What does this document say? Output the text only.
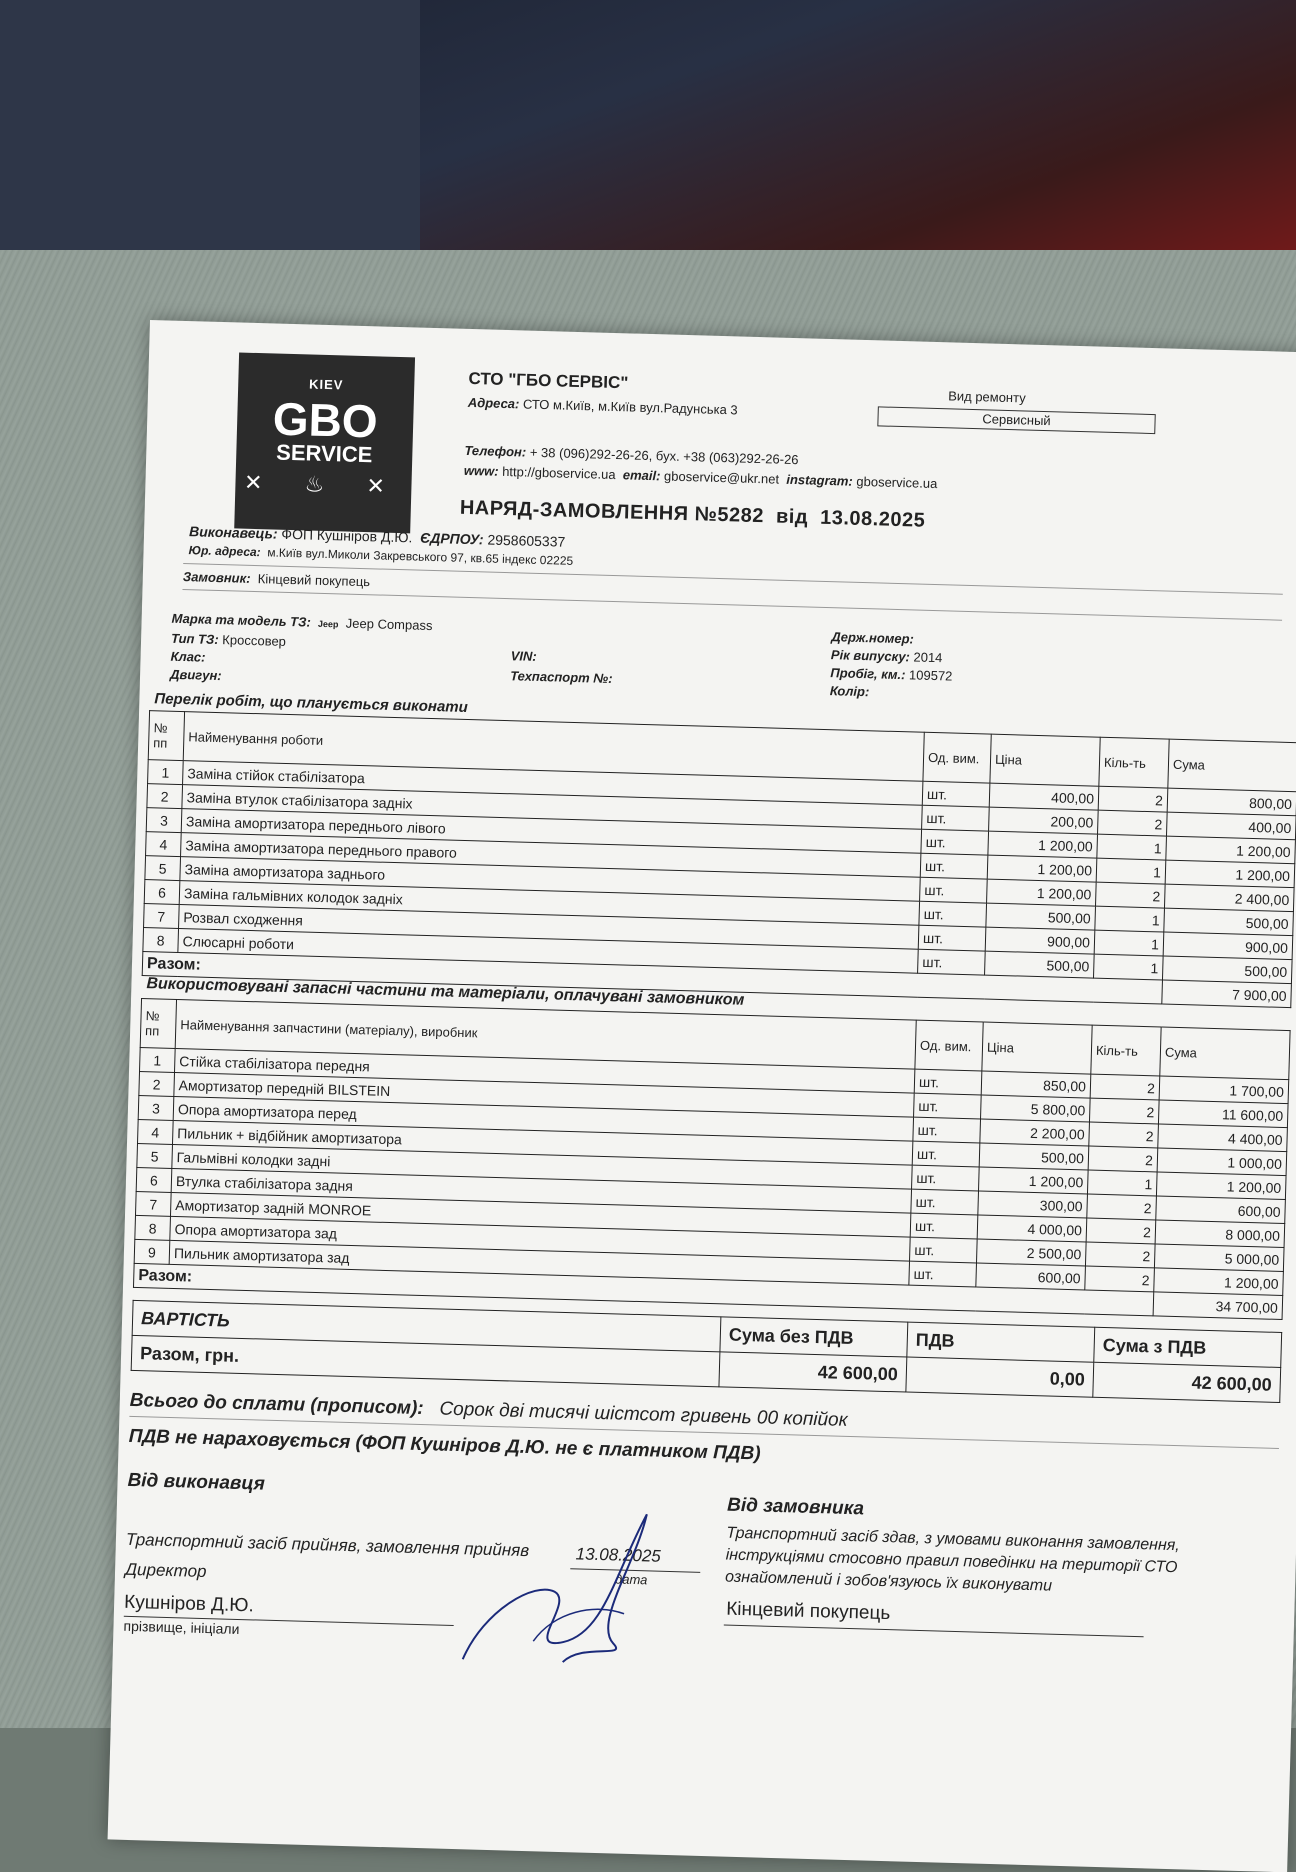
KIEV
GBO
SERVICE
✕ ♨ ✕
СТО "ГБО СЕРВІС"
Адреса: СТО м.Київ, м.Київ вул.Радунська 3	Вид ремонту
Сервисный
Телефон: + 38 (096)292-26-26, бух. +38 (063)292-26-26
www: http://gboservice.ua email: gboservice@ukr.net instagram: gboservice.ua
НАРЯД-ЗАМОВЛЕННЯ №5282 від 13.08.2025
Виконавець: ФОП Кушніров Д.Ю. ЄДРПОУ: 2958605337
Юр. адреса: м.Київ вул.Миколи Закревського 97, кв.65 індекс 02225
Замовник: Кінцевий покупець
Марка та модель ТЗ: Jeep Jeep Compass
Тип ТЗ: Кроссовер
Клас:
Двигун:
VIN:
Техпаспорт №:
Держ.номер:
Рік випуску: 2014
Пробіг, км.: 109572
Колір:
Перелік робіт, що планується виконати
№ пп	Найменування роботи	Од. вим.	Ціна	Кіль-ть	Сума
1	Заміна стійок стабілізатора	шт.	400,00	2	800,00
2	Заміна втулок стабілізатора задніх	шт.	200,00	2	400,00
3	Заміна амортизатора переднього лівого	шт.	1 200,00	1	1 200,00
4	Заміна амортизатора переднього правого	шт.	1 200,00	1	1 200,00
5	Заміна амортизатора заднього	шт.	1 200,00	2	2 400,00
6	Заміна гальмівних колодок задніх	шт.	500,00	1	500,00
7	Розвал сходження	шт.	900,00	1	900,00
8	Слюсарні роботи	шт.	500,00	1	500,00
Разом:					7 900,00
Використовувані запасні частини та матеріали, оплачувані замовником
№ пп	Найменування запчастини (матеріалу), виробник	Од. вим.	Ціна	Кіль-ть	Сума
1	Стійка стабілізатора передня	шт.	850,00	2	1 700,00
2	Амортизатор передній BILSTEIN	шт.	5 800,00	2	11 600,00
3	Опора амортизатора перед	шт.	2 200,00	2	4 400,00
4	Пильник + відбійник амортизатора	шт.	500,00	2	1 000,00
5	Гальмівні колодки задні	шт.	1 200,00	1	1 200,00
6	Втулка стабілізатора задня	шт.	300,00	2	600,00
7	Амортизатор задній MONROE	шт.	4 000,00	2	8 000,00
8	Опора амортизатора зад	шт.	2 500,00	2	5 000,00
9	Пильник амортизатора зад	шт.	600,00	2	1 200,00
Разом:					34 700,00
ВАРТІСТЬ	Сума без ПДВ	ПДВ	Сума з ПДВ
Разом, грн.	42 600,00	0,00	42 600,00
Всього до сплати (прописом): Сорок дві тисячі шістсот гривень 00 копійок
ПДВ не нараховується (ФОП Кушніров Д.Ю. не є платником ПДВ)
Від виконавця
Транспортний засіб прийняв, замовлення прийняв	13.08.2025
дата
Директор
Кушніров Д.Ю.
прізвище, ініціали
Від замовника
Транспортний засіб здав, з умовами виконання замовлення, інструкціями стосовно правил поведінки на території СТО ознайомлений і зобов'язуюсь їх виконувати
Кінцевий покупець
